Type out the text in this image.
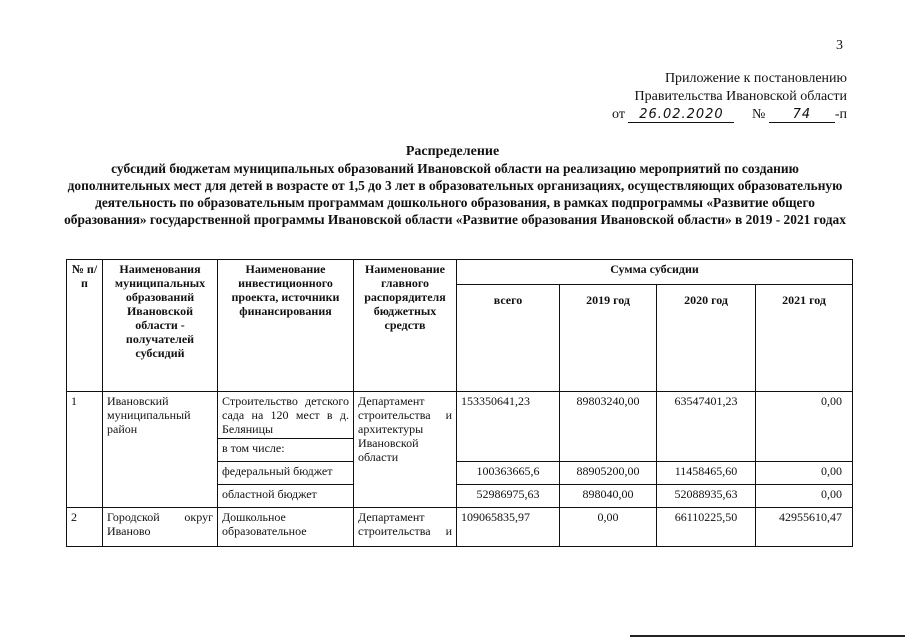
3
Приложение к постановлению
Правительства Ивановской области
от 26.02.2020 № 74 -п
Распределение
субсидий бюджетам муниципальных образований Ивановской области на реализацию мероприятий по созданию дополнительных мест для детей в возрасте от 1,5 до 3 лет в образовательных организациях, осуществляющих образовательную деятельность по образовательным программам дошкольного образования, в рамках подпрограммы «Развитие общего образования» государственной программы Ивановской области «Развитие образования Ивановской области» в 2019 - 2021 годах
№ п/п	Наименования муниципальных образований Ивановской области - получателей субсидий	Наименование инвестиционного проекта, источники финансирования	Наименование главного распорядителя бюджетных средств	Сумма субсидии			
				всего	2019 год	2020 год	2021 год
1	Ивановский муниципальный район	Строительство детского сада на 120 мест в д. Беляницы	Департамент строительства и архитектуры Ивановской области	153350641,23	89803240,00	63547401,23	0,00
		в том числе:					
		федеральный бюджет		100363665,6	88905200,00	11458465,60	0,00
		областной бюджет		52986975,63	898040,00	52088935,63	0,00
2	Городской округ Иваново	Дошкольное образовательное	Департамент строительства и	109065835,97	0,00	66110225,50	42955610,47
